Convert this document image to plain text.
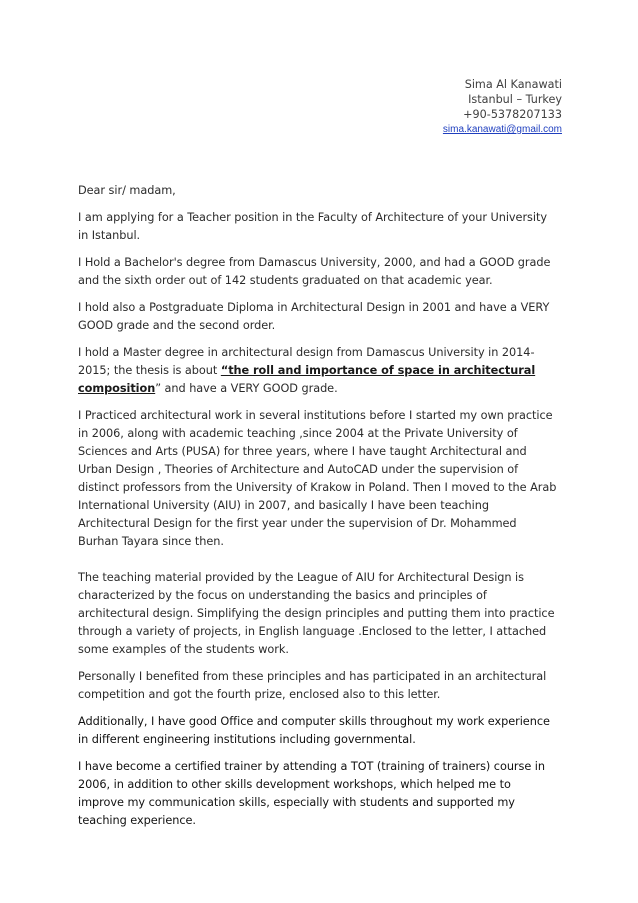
Sima Al Kanawati
Istanbul – Turkey
+90-5378207133
sima.kanawati@gmail.com

Dear sir/ madam,

I am applying for a Teacher position in the Faculty of Architecture of your University in Istanbul.

I Hold a Bachelor's degree from Damascus University, 2000, and had a GOOD grade and the sixth order out of 142 students graduated on that academic year.

I hold also a Postgraduate Diploma in Architectural Design in 2001 and have a VERY GOOD grade and the second order.

I hold a Master degree in architectural design from Damascus University in 2014-2015; the thesis is about “the roll and importance of space in architectural composition” and have a VERY GOOD grade.

I Practiced architectural work in several institutions before I started my own practice in 2006, along with academic teaching ,since 2004 at the Private University of Sciences and Arts (PUSA) for three years, where I have taught Architectural and Urban Design , Theories of Architecture and AutoCAD under the supervision of distinct professors from the University of Krakow in Poland. Then I moved to the Arab International University (AIU) in 2007, and basically I have been teaching Architectural Design for the first year under the supervision of Dr. Mohammed Burhan Tayara since then.

The teaching material provided by the League of AIU for Architectural Design is characterized by the focus on understanding the basics and principles of architectural design. Simplifying the design principles and putting them into practice through a variety of projects, in English language .Enclosed to the letter, I attached some examples of the students work.

Personally I benefited from these principles and has participated in an architectural competition and got the fourth prize, enclosed also to this letter.

Additionally, I have good Office and computer skills throughout my work experience in different engineering institutions including governmental.

I have become a certified trainer by attending a TOT (training of trainers) course in 2006, in addition to other skills development workshops, which helped me to improve my communication skills, especially with students and supported my teaching experience.
